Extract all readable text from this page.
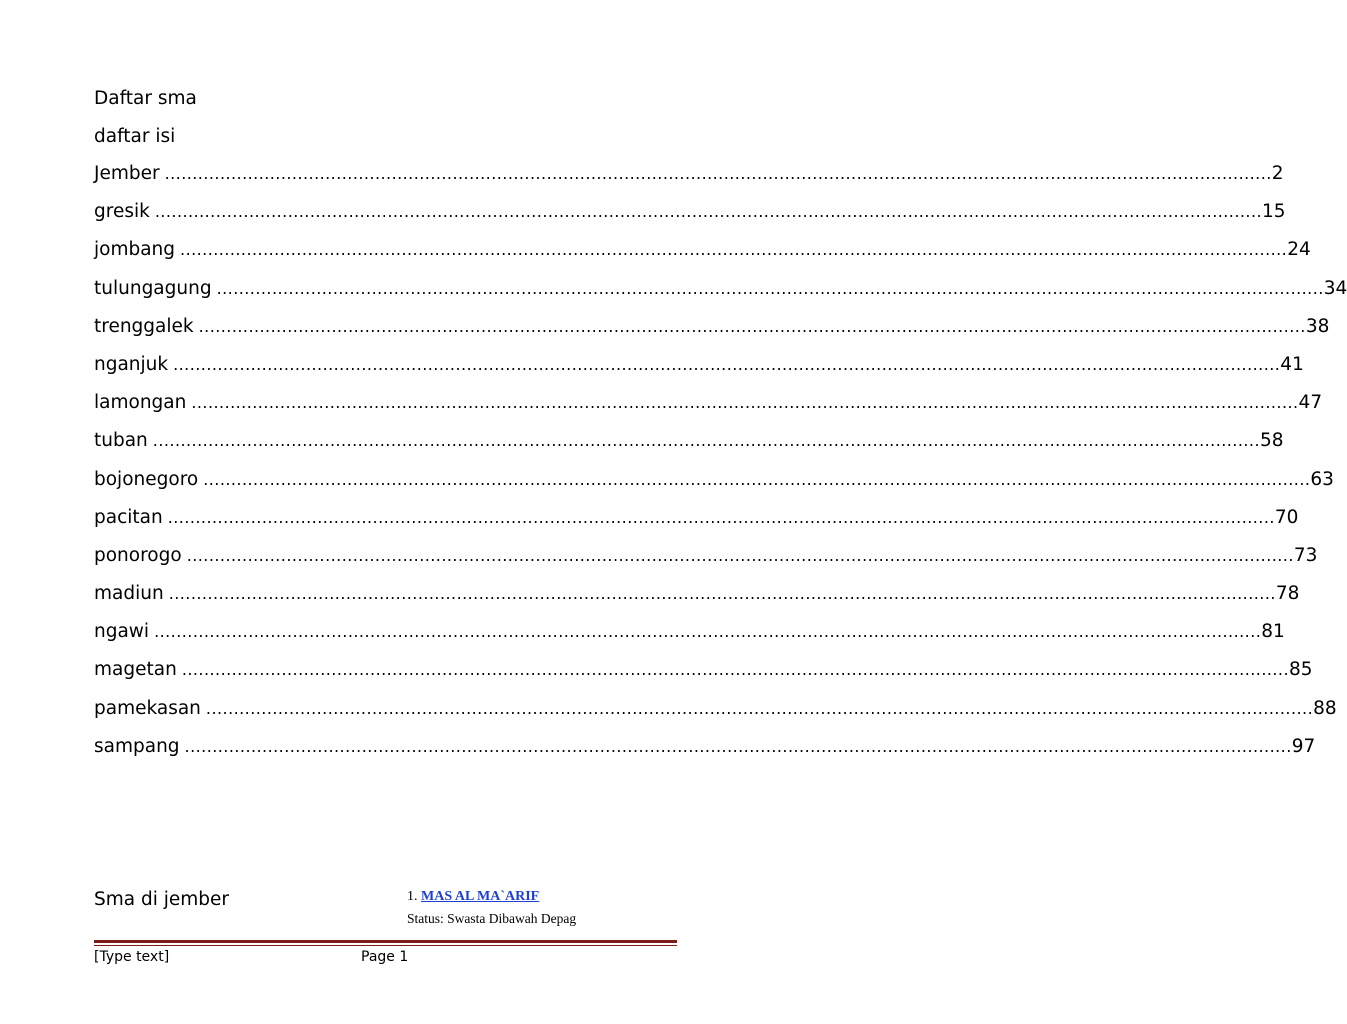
Daftar sma
daftar isi
Jember ........................................................................................................................................................................................................ 2
gresik ........................................................................................................................................................................................................ 15
jombang ........................................................................................................................................................................................................ 24
tulungagung ........................................................................................................................................................................................................ 34
trenggalek ........................................................................................................................................................................................................ 38
nganjuk ........................................................................................................................................................................................................ 41
lamongan ........................................................................................................................................................................................................ 47
tuban ........................................................................................................................................................................................................ 58
bojonegoro ........................................................................................................................................................................................................ 63
pacitan ........................................................................................................................................................................................................ 70
ponorogo ........................................................................................................................................................................................................ 73
madiun ........................................................................................................................................................................................................ 78
ngawi ........................................................................................................................................................................................................ 81
magetan ........................................................................................................................................................................................................ 85
pamekasan ........................................................................................................................................................................................................ 88
sampang ........................................................................................................................................................................................................ 97
Sma di jember	1. MAS AL MA`ARIF
Status: Swasta Dibawah Depag
[Type text]	Page 1
